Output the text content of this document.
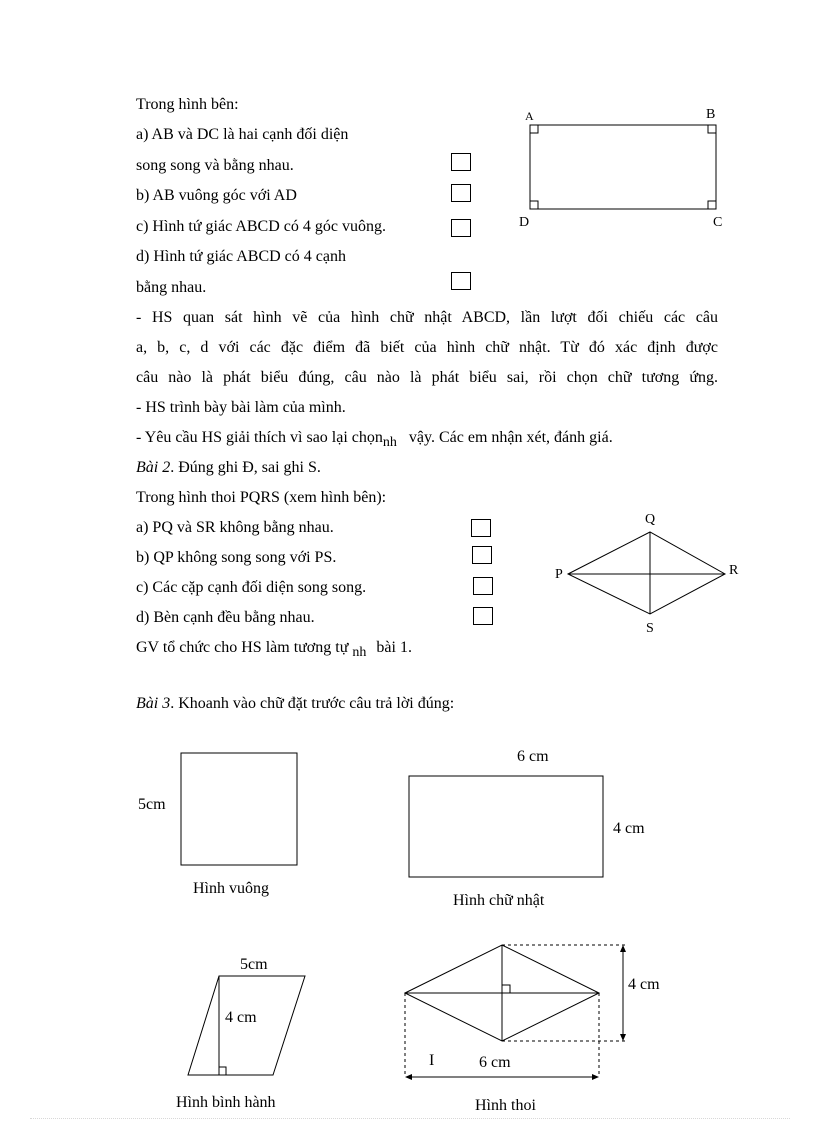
Trong hình bên:
a) AB và DC là hai cạnh đối diện
song song và bằng nhau.
b) AB vuông góc với AD
c) Hình tứ giác ABCD có 4 góc vuông.
d) Hình tứ giác ABCD có 4 cạnh
bằng nhau.
A	B
D	C
- HS quan sát hình vẽ của hình chữ nhật ABCD, lần lượt đối chiếu các câu
a, b, c, d với các đặc điểm đã biết của hình chữ nhật. Từ đó xác định được
câu nào là phát biểu đúng, câu nào là phát biểu sai, rồi chọn chữ tương ứng.
- HS trình bày bài làm của mình.
- Yêu cầu HS giải thích vì sao lại chọnnh vậy. Các em nhận xét, đánh giá.
Bài 2. Đúng ghi Đ, sai ghi S.
Trong hình thoi PQRS (xem hình bên):
a) PQ và SR không bằng nhau.
b) QP không song song với PS.
c) Các cặp cạnh đối diện song song.
d) Bèn cạnh đều bằng nhau.
GV tổ chức cho HS làm tương tự nh bài 1.
Q
P	R
S
Bài 3. Khoanh vào chữ đặt trước câu trả lời đúng:
5cm
Hình vuông
6 cm
4 cm
Hình chữ nhật
5cm
4 cm
Hình bình hành
4 cm
6 cm
I
Hình thoi
